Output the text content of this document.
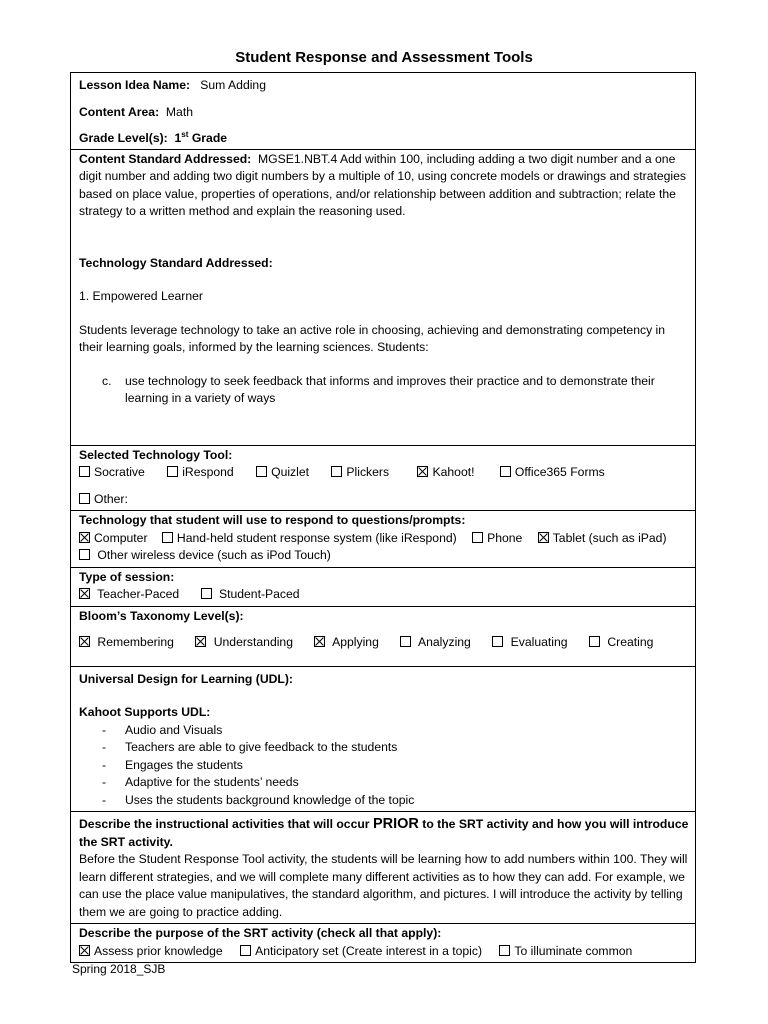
Student Response and Assessment Tools
Lesson Idea Name: Sum Adding
Content Area: Math
Grade Level(s): 1st Grade

Content Standard Addressed: MGSE1.NBT.4 Add within 100, including adding a two digit number and a one digit number and adding two digit numbers by a multiple of 10, using concrete models or drawings and strategies based on place value, properties of operations, and/or relationship between addition and subtraction; relate the strategy to a written method and explain the reasoning used.
Technology Standard Addressed:
1. Empowered Learner
Students leverage technology to take an active role in choosing, achieving and demonstrating competency in their learning goals, informed by the learning sciences. Students:
c. use technology to seek feedback that informs and improves their practice and to demonstrate their learning in a variety of ways

Selected Technology Tool:
Socrative	iRespond	Quizlet	Plickers	Kahoot!	Office365 Forms
Other:

Technology that student will use to respond to questions/prompts:
Computer Hand-held student response system (like iRespond) Phone Tablet (such as iPad)
Other wireless device (such as iPod Touch)

Type of session:
Teacher-Paced	Student-Paced

Bloom’s Taxonomy Level(s):
Remembering	Understanding	Applying	Analyzing	Evaluating	Creating

Universal Design for Learning (UDL):
Kahoot Supports UDL:
- Audio and Visuals
- Teachers are able to give feedback to the students
- Engages the students
- Adaptive for the students’ needs
- Uses the students background knowledge of the topic

Describe the instructional activities that will occur PRIOR to the SRT activity and how you will introduce the SRT activity.
Before the Student Response Tool activity, the students will be learning how to add numbers within 100. They will learn different strategies, and we will complete many different activities as to how they can add. For example, we can use the place value manipulatives, the standard algorithm, and pictures. I will introduce the activity by telling them we are going to practice adding.

Describe the purpose of the SRT activity (check all that apply):
Assess prior knowledge	Anticipatory set (Create interest in a topic)	To illuminate common
Spring 2018_SJB
